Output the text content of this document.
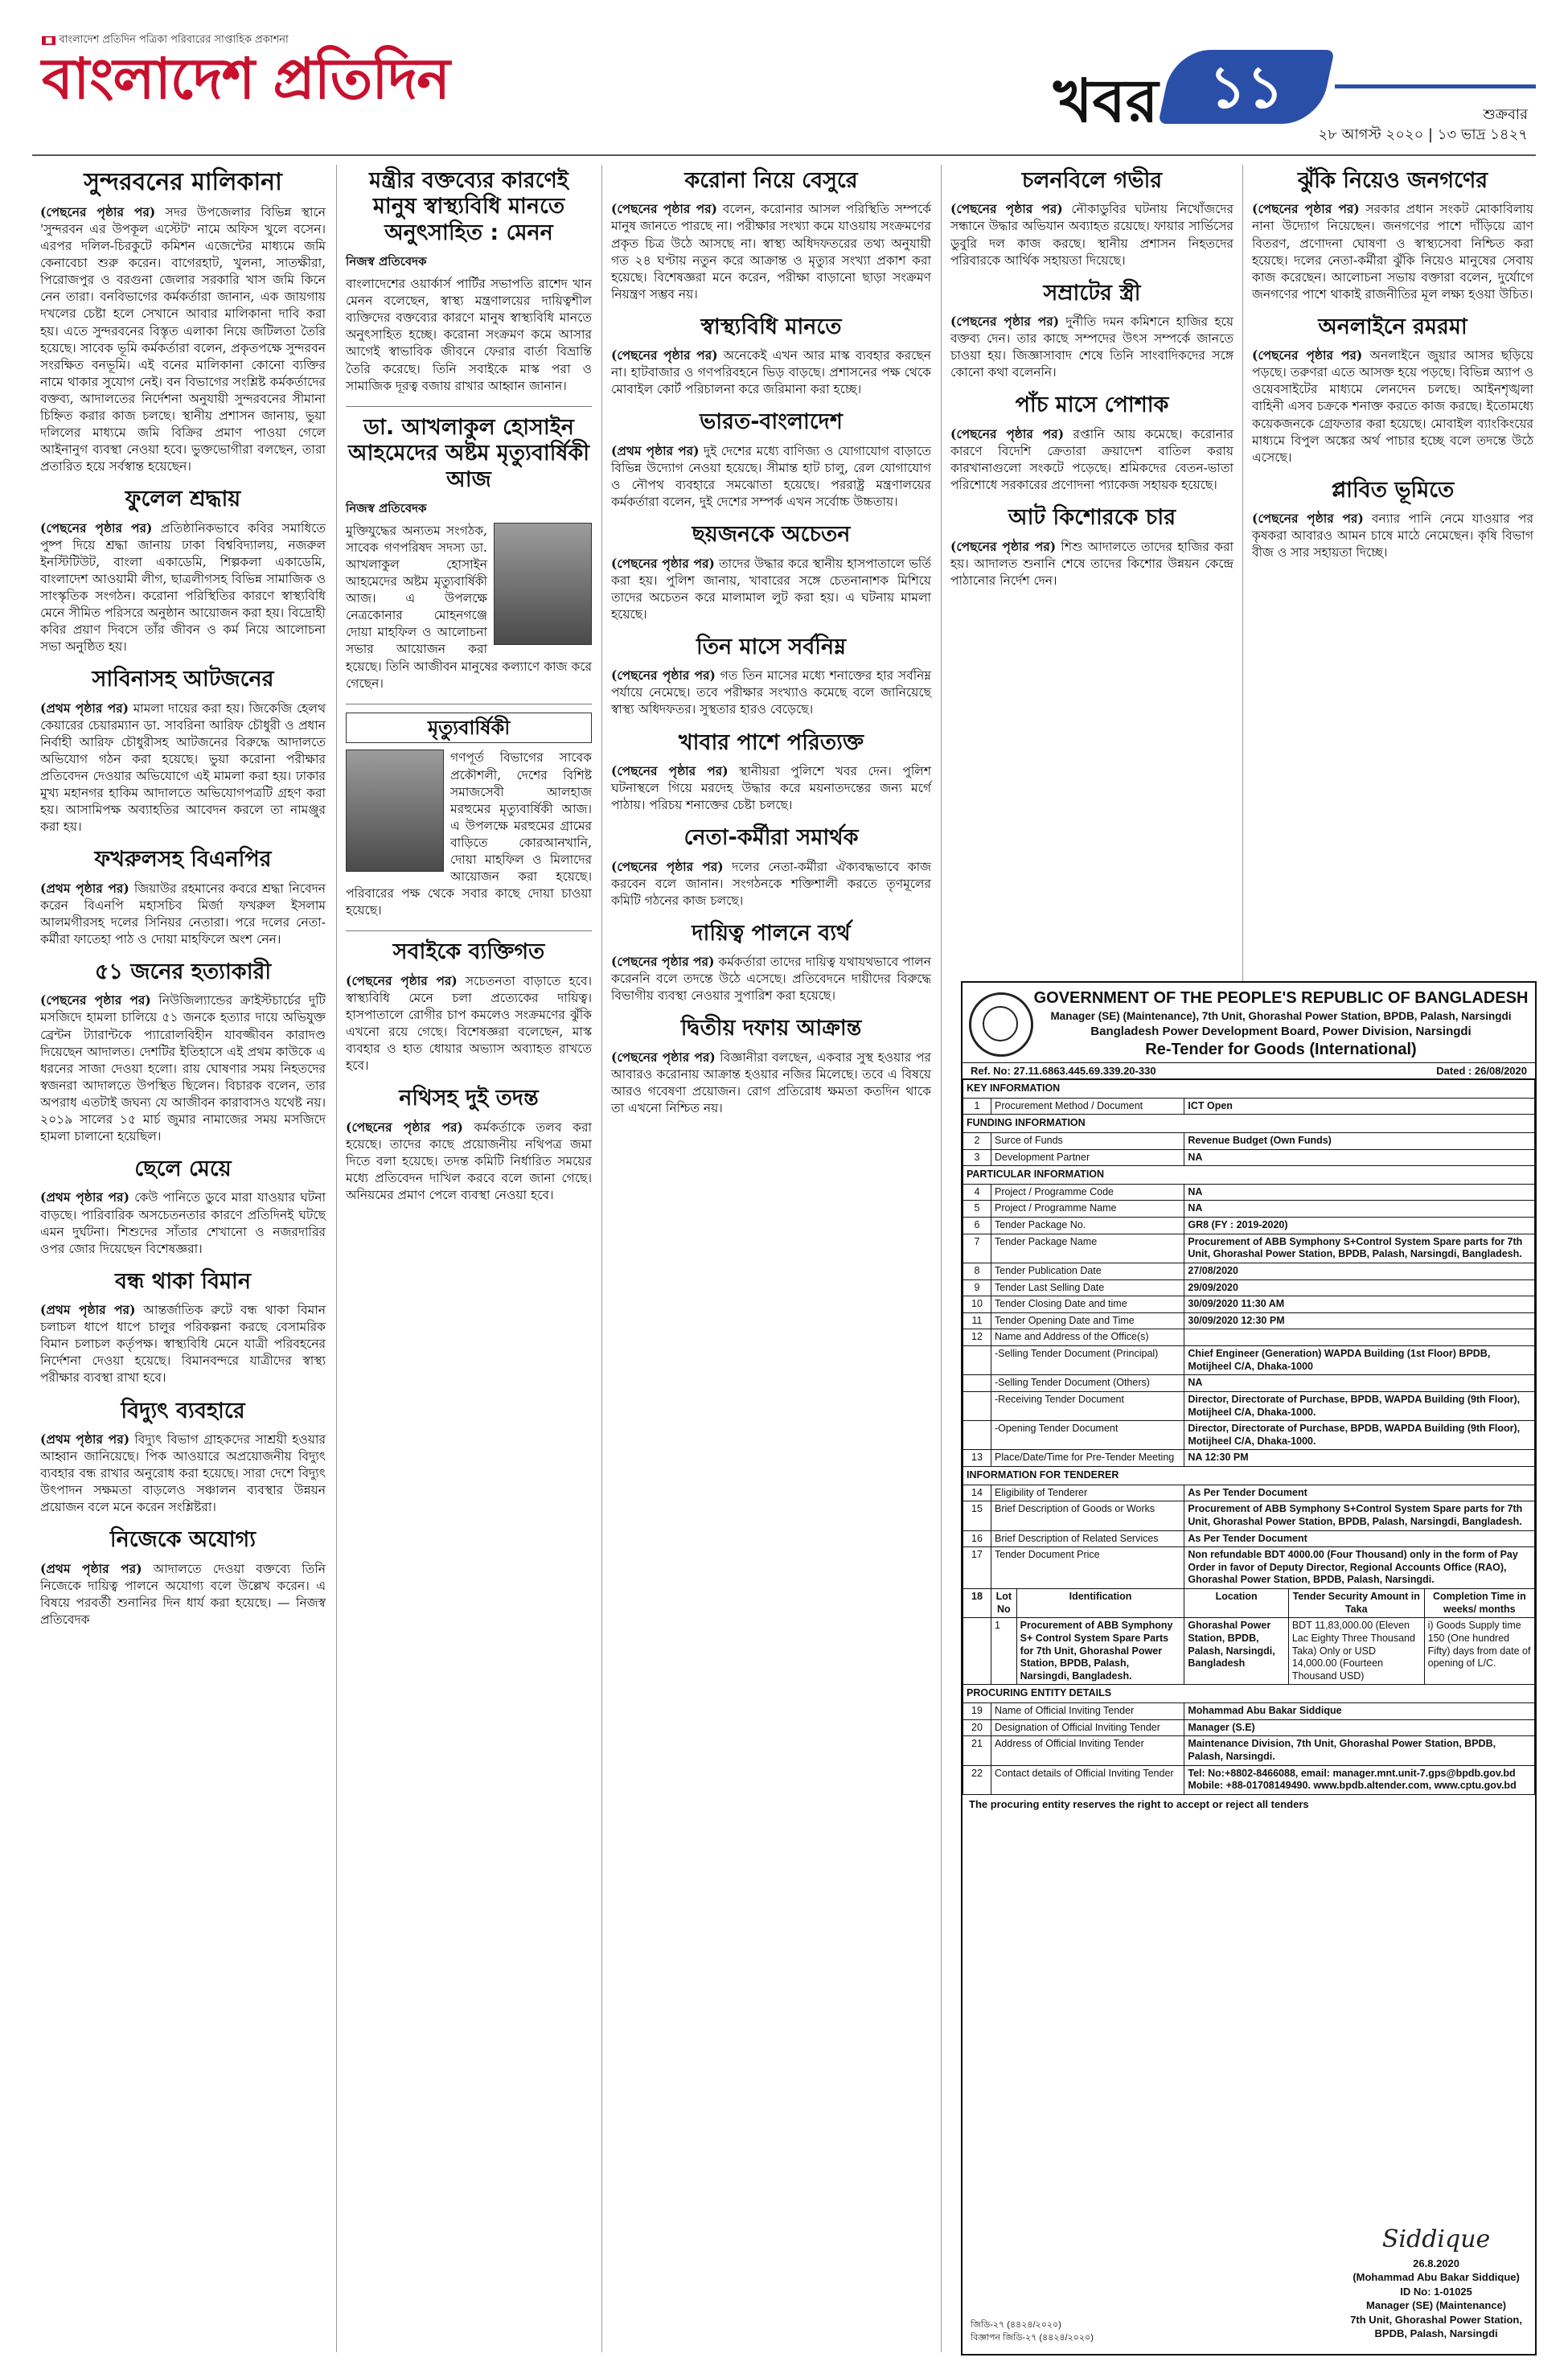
■ বাংলাদেশ প্রতিদিন পত্রিকা পরিবারের সাপ্তাহিক প্রকাশনা
বাংলাদেশ প্রতিদিন	খবর ১১	শুক্রবার
২৮ আগস্ট ২০২০ | ১৩ ভাদ্র ১৪২৭
সুন্দরবনের মালিকানা

(পেছনের পৃষ্ঠার পর) সদর উপজেলার বিভিন্ন স্থানে 'সুন্দরবন এর উপকূল এস্টেট' নামে অফিস খুলে বসেন। এরপর দলিল-চিরকুটে কমিশন এজেন্টের মাধ্যমে জমি কেনাবেচা শুরু করেন। বাগেরহাট, খুলনা, সাতক্ষীরা, পিরোজপুর ও বরগুনা জেলার সরকারি খাস জমি কিনে নেন তারা। বনবিভাগের কর্মকর্তারা জানান, এক জায়গায় দখলের চেষ্টা হলে সেখানে আবার মালিকানা দাবি করা হয়। এতে সুন্দরবনের বিস্তৃত এলাকা নিয়ে জটিলতা তৈরি হয়েছে। সাবেক ভূমি কর্মকর্তারা বলেন, প্রকৃতপক্ষে সুন্দরবন সংরক্ষিত বনভূমি। এই বনের মালিকানা কোনো ব্যক্তির নামে থাকার সুযোগ নেই। বন বিভাগের সংশ্লিষ্ট কর্মকর্তাদের বক্তব্য, আদালতের নির্দেশনা অনুযায়ী সুন্দরবনের সীমানা চিহ্নিত করার কাজ চলছে। স্থানীয় প্রশাসন জানায়, ভুয়া দলিলের মাধ্যমে জমি বিক্রির প্রমাণ পাওয়া গেলে আইনানুগ ব্যবস্থা নেওয়া হবে। ভুক্তভোগীরা বলছেন, তারা প্রতারিত হয়ে সর্বস্বান্ত হয়েছেন।

ফুলেল শ্রদ্ধায়

(পেছনের পৃষ্ঠার পর) প্রতিষ্ঠানিকভাবে কবির সমাধিতে পুষ্প দিয়ে শ্রদ্ধা জানায় ঢাকা বিশ্ববিদ্যালয়, নজরুল ইনস্টিটিউট, বাংলা একাডেমি, শিল্পকলা একাডেমি, বাংলাদেশ আওয়ামী লীগ, ছাত্রলীগসহ বিভিন্ন সামাজিক ও সাংস্কৃতিক সংগঠন। করোনা পরিস্থিতির কারণে স্বাস্থ্যবিধি মেনে সীমিত পরিসরে অনুষ্ঠান আয়োজন করা হয়। বিদ্রোহী কবির প্রয়াণ দিবসে তাঁর জীবন ও কর্ম নিয়ে আলোচনা সভা অনুষ্ঠিত হয়।

সাবিনাসহ আটজনের

(প্রথম পৃষ্ঠার পর) মামলা দায়ের করা হয়। জিকেজি হেলথ কেয়ারের চেয়ারম্যান ডা. সাবরিনা আরিফ চৌধুরী ও প্রধান নির্বাহী আরিফ চৌধুরীসহ আটজনের বিরুদ্ধে আদালতে অভিযোগ গঠন করা হয়েছে। ভুয়া করোনা পরীক্ষার প্রতিবেদন দেওয়ার অভিযোগে এই মামলা করা হয়। ঢাকার মুখ্য মহানগর হাকিম আদালতে অভিযোগপত্রটি গ্রহণ করা হয়। আসামিপক্ষ অব্যাহতির আবেদন করলে তা নামঞ্জুর করা হয়।

ফখরুলসহ বিএনপির

(প্রথম পৃষ্ঠার পর) জিয়াউর রহমানের কবরে শ্রদ্ধা নিবেদন করেন বিএনপি মহাসচিব মির্জা ফখরুল ইসলাম আলমগীরসহ দলের সিনিয়র নেতারা। পরে দলের নেতা-কর্মীরা ফাতেহা পাঠ ও দোয়া মাহফিলে অংশ নেন।

৫১ জনের হত্যাকারী

(পেছনের পৃষ্ঠার পর) নিউজিল্যান্ডের ক্রাইস্টচার্চের দুটি মসজিদে হামলা চালিয়ে ৫১ জনকে হত্যার দায়ে অভিযুক্ত ব্রেন্টন ট্যারান্টকে প্যারোলবিহীন যাবজ্জীবন কারাদণ্ড দিয়েছেন আদালত। দেশটির ইতিহাসে এই প্রথম কাউকে এ ধরনের সাজা দেওয়া হলো। রায় ঘোষণার সময় নিহতদের স্বজনরা আদালতে উপস্থিত ছিলেন। বিচারক বলেন, তার অপরাধ এতটাই জঘন্য যে আজীবন কারাবাসও যথেষ্ট নয়। ২০১৯ সালের ১৫ মার্চ জুমার নামাজের সময় মসজিদে হামলা চালানো হয়েছিল।

ছেলে মেয়ে

(প্রথম পৃষ্ঠার পর) কেউ পানিতে ডুবে মারা যাওয়ার ঘটনা বাড়ছে। পারিবারিক অসচেতনতার কারণে প্রতিদিনই ঘটছে এমন দুর্ঘটনা। শিশুদের সাঁতার শেখানো ও নজরদারির ওপর জোর দিয়েছেন বিশেষজ্ঞরা।

বন্ধ থাকা বিমান

(প্রথম পৃষ্ঠার পর) আন্তর্জাতিক রুটে বন্ধ থাকা বিমান চলাচল ধাপে ধাপে চালুর পরিকল্পনা করছে বেসামরিক বিমান চলাচল কর্তৃপক্ষ। স্বাস্থ্যবিধি মেনে যাত্রী পরিবহনের নির্দেশনা দেওয়া হয়েছে। বিমানবন্দরে যাত্রীদের স্বাস্থ্য পরীক্ষার ব্যবস্থা রাখা হবে।

বিদ্যুৎ ব্যবহারে

(প্রথম পৃষ্ঠার পর) বিদ্যুৎ বিভাগ গ্রাহকদের সাশ্রয়ী হওয়ার আহ্বান জানিয়েছে। পিক আওয়ারে অপ্রয়োজনীয় বিদ্যুৎ ব্যবহার বন্ধ রাখার অনুরোধ করা হয়েছে। সারা দেশে বিদ্যুৎ উৎপাদন সক্ষমতা বাড়লেও সঞ্চালন ব্যবস্থার উন্নয়ন প্রয়োজন বলে মনে করেন সংশ্লিষ্টরা।

নিজেকে অযোগ্য

(প্রথম পৃষ্ঠার পর) আদালতে দেওয়া বক্তব্যে তিনি নিজেকে দায়িত্ব পালনে অযোগ্য বলে উল্লেখ করেন। এ বিষয়ে পরবর্তী শুনানির দিন ধার্য করা হয়েছে। — নিজস্ব প্রতিবেদক

মন্ত্রীর বক্তব্যের কারণেই মানুষ স্বাস্থ্যবিধি মানতে অনুৎসাহিত : মেনন
নিজস্ব প্রতিবেদক

বাংলাদেশের ওয়ার্কার্স পার্টির সভাপতি রাশেদ খান মেনন বলেছেন, স্বাস্থ্য মন্ত্রণালয়ের দায়িত্বশীল ব্যক্তিদের বক্তব্যের কারণে মানুষ স্বাস্থ্যবিধি মানতে অনুৎসাহিত হচ্ছে। করোনা সংক্রমণ কমে আসার আগেই স্বাভাবিক জীবনে ফেরার বার্তা বিভ্রান্তি তৈরি করেছে। তিনি সবাইকে মাস্ক পরা ও সামাজিক দূরত্ব বজায় রাখার আহ্বান জানান।

ডা. আখলাকুল হোসাইন আহমেদের অষ্টম মৃত্যুবার্ষিকী আজ
নিজস্ব প্রতিবেদক

মুক্তিযুদ্ধের অন্যতম সংগঠক, সাবেক গণপরিষদ সদস্য ডা. আখলাকুল হোসাইন আহমেদের অষ্টম মৃত্যুবার্ষিকী আজ। এ উপলক্ষে নেত্রকোনার মোহনগঞ্জে দোয়া মাহফিল ও আলোচনা সভার আয়োজন করা হয়েছে। তিনি আজীবন মানুষের কল্যাণে কাজ করে গেছেন।

মৃত্যুবার্ষিকী

গণপূর্ত বিভাগের সাবেক প্রকৌশলী, দেশের বিশিষ্ট সমাজসেবী আলহাজ মরহুমের মৃত্যুবার্ষিকী আজ। এ উপলক্ষে মরহুমের গ্রামের বাড়িতে কোরআনখানি, দোয়া মাহফিল ও মিলাদের আয়োজন করা হয়েছে। পরিবারের পক্ষ থেকে সবার কাছে দোয়া চাওয়া হয়েছে।

সবাইকে ব্যক্তিগত

(পেছনের পৃষ্ঠার পর) সচেতনতা বাড়াতে হবে। স্বাস্থ্যবিধি মেনে চলা প্রত্যেকের দায়িত্ব। হাসপাতালে রোগীর চাপ কমলেও সংক্রমণের ঝুঁকি এখনো রয়ে গেছে। বিশেষজ্ঞরা বলেছেন, মাস্ক ব্যবহার ও হাত ধোয়ার অভ্যাস অব্যাহত রাখতে হবে।

নথিসহ দুই তদন্ত

(পেছনের পৃষ্ঠার পর) কর্মকর্তাকে তলব করা হয়েছে। তাদের কাছে প্রয়োজনীয় নথিপত্র জমা দিতে বলা হয়েছে। তদন্ত কমিটি নির্ধারিত সময়ের মধ্যে প্রতিবেদন দাখিল করবে বলে জানা গেছে। অনিয়মের প্রমাণ পেলে ব্যবস্থা নেওয়া হবে।

করোনা নিয়ে বেসুরে

(পেছনের পৃষ্ঠার পর) বলেন, করোনার আসল পরিস্থিতি সম্পর্কে মানুষ জানতে পারছে না। পরীক্ষার সংখ্যা কমে যাওয়ায় সংক্রমণের প্রকৃত চিত্র উঠে আসছে না। স্বাস্থ্য অধিদফতরের তথ্য অনুযায়ী গত ২৪ ঘণ্টায় নতুন করে আক্রান্ত ও মৃত্যুর সংখ্যা প্রকাশ করা হয়েছে। বিশেষজ্ঞরা মনে করেন, পরীক্ষা বাড়ানো ছাড়া সংক্রমণ নিয়ন্ত্রণ সম্ভব নয়।

স্বাস্থ্যবিধি মানতে

(পেছনের পৃষ্ঠার পর) অনেকেই এখন আর মাস্ক ব্যবহার করছেন না। হাটবাজার ও গণপরিবহনে ভিড় বাড়ছে। প্রশাসনের পক্ষ থেকে মোবাইল কোর্ট পরিচালনা করে জরিমানা করা হচ্ছে।

ভারত-বাংলাদেশ

(প্রথম পৃষ্ঠার পর) দুই দেশের মধ্যে বাণিজ্য ও যোগাযোগ বাড়াতে বিভিন্ন উদ্যোগ নেওয়া হয়েছে। সীমান্ত হাট চালু, রেল যোগাযোগ ও নৌপথ ব্যবহারে সমঝোতা হয়েছে। পররাষ্ট্র মন্ত্রণালয়ের কর্মকর্তারা বলেন, দুই দেশের সম্পর্ক এখন সর্বোচ্চ উচ্চতায়।

ছয়জনকে অচেতন

(পেছনের পৃষ্ঠার পর) তাদের উদ্ধার করে স্থানীয় হাসপাতালে ভর্তি করা হয়। পুলিশ জানায়, খাবারের সঙ্গে চেতনানাশক মিশিয়ে তাদের অচেতন করে মালামাল লুট করা হয়। এ ঘটনায় মামলা হয়েছে।

তিন মাসে সর্বনিম্ন

(পেছনের পৃষ্ঠার পর) গত তিন মাসের মধ্যে শনাক্তের হার সর্বনিম্ন পর্যায়ে নেমেছে। তবে পরীক্ষার সংখ্যাও কমেছে বলে জানিয়েছে স্বাস্থ্য অধিদফতর। সুস্থতার হারও বেড়েছে।

খাবার পাশে পরিত্যক্ত

(পেছনের পৃষ্ঠার পর) স্থানীয়রা পুলিশে খবর দেন। পুলিশ ঘটনাস্থলে গিয়ে মরদেহ উদ্ধার করে ময়নাতদন্তের জন্য মর্গে পাঠায়। পরিচয় শনাক্তের চেষ্টা চলছে।

নেতা-কর্মীরা সমার্থক

(পেছনের পৃষ্ঠার পর) দলের নেতা-কর্মীরা ঐক্যবদ্ধভাবে কাজ করবেন বলে জানান। সংগঠনকে শক্তিশালী করতে তৃণমূলের কমিটি গঠনের কাজ চলছে।

দায়িত্ব পালনে ব্যর্থ

(পেছনের পৃষ্ঠার পর) কর্মকর্তারা তাদের দায়িত্ব যথাযথভাবে পালন করেননি বলে তদন্তে উঠে এসেছে। প্রতিবেদনে দায়ীদের বিরুদ্ধে বিভাগীয় ব্যবস্থা নেওয়ার সুপারিশ করা হয়েছে।

দ্বিতীয় দফায় আক্রান্ত

(পেছনের পৃষ্ঠার পর) বিজ্ঞানীরা বলছেন, একবার সুস্থ হওয়ার পর আবারও করোনায় আক্রান্ত হওয়ার নজির মিলেছে। তবে এ বিষয়ে আরও গবেষণা প্রয়োজন। রোগ প্রতিরোধ ক্ষমতা কতদিন থাকে তা এখনো নিশ্চিত নয়।

চলনবিলে গভীর

(পেছনের পৃষ্ঠার পর) নৌকাডুবির ঘটনায় নিখোঁজদের সন্ধানে উদ্ধার অভিযান অব্যাহত রয়েছে। ফায়ার সার্ভিসের ডুবুরি দল কাজ করছে। স্থানীয় প্রশাসন নিহতদের পরিবারকে আর্থিক সহায়তা দিয়েছে।

সম্রাটের স্ত্রী

(পেছনের পৃষ্ঠার পর) দুর্নীতি দমন কমিশনে হাজির হয়ে বক্তব্য দেন। তার কাছে সম্পদের উৎস সম্পর্কে জানতে চাওয়া হয়। জিজ্ঞাসাবাদ শেষে তিনি সাংবাদিকদের সঙ্গে কোনো কথা বলেননি।

পাঁচ মাসে পোশাক

(পেছনের পৃষ্ঠার পর) রপ্তানি আয় কমেছে। করোনার কারণে বিদেশি ক্রেতারা ক্রয়াদেশ বাতিল করায় কারখানাগুলো সংকটে পড়েছে। শ্রমিকদের বেতন-ভাতা পরিশোধে সরকারের প্রণোদনা প্যাকেজ সহায়ক হয়েছে।

আট কিশোরকে চার

(পেছনের পৃষ্ঠার পর) শিশু আদালতে তাদের হাজির করা হয়। আদালত শুনানি শেষে তাদের কিশোর উন্নয়ন কেন্দ্রে পাঠানোর নির্দেশ দেন।

ঝুঁকি নিয়েও জনগণের

(পেছনের পৃষ্ঠার পর) সরকার প্রধান সংকট মোকাবিলায় নানা উদ্যোগ নিয়েছেন। জনগণের পাশে দাঁড়িয়ে ত্রাণ বিতরণ, প্রণোদনা ঘোষণা ও স্বাস্থ্যসেবা নিশ্চিত করা হয়েছে। দলের নেতা-কর্মীরা ঝুঁকি নিয়েও মানুষের সেবায় কাজ করেছেন। আলোচনা সভায় বক্তারা বলেন, দুর্যোগে জনগণের পাশে থাকাই রাজনীতির মূল লক্ষ্য হওয়া উচিত।

অনলাইনে রমরমা

(পেছনের পৃষ্ঠার পর) অনলাইনে জুয়ার আসর ছড়িয়ে পড়ছে। তরুণরা এতে আসক্ত হয়ে পড়ছে। বিভিন্ন অ্যাপ ও ওয়েবসাইটের মাধ্যমে লেনদেন চলছে। আইনশৃঙ্খলা বাহিনী এসব চক্রকে শনাক্ত করতে কাজ করছে। ইতোমধ্যে কয়েকজনকে গ্রেফতার করা হয়েছে। মোবাইল ব্যাংকিংয়ের মাধ্যমে বিপুল অঙ্কের অর্থ পাচার হচ্ছে বলে তদন্তে উঠে এসেছে।

প্লাবিত ভূমিতে

(পেছনের পৃষ্ঠার পর) বন্যার পানি নেমে যাওয়ার পর কৃষকরা আবারও আমন চাষে মাঠে নেমেছেন। কৃষি বিভাগ বীজ ও সার সহায়তা দিচ্ছে।

GOVERNMENT OF THE PEOPLE'S REPUBLIC OF BANGLADESH
Manager (SE) (Maintenance), 7th Unit, Ghorashal Power Station, BPDB, Palash, Narsingdi
Bangladesh Power Development Board, Power Division, Narsingdi
Re-Tender for Goods (International)
Ref. No: 27.11.6863.445.69.339.20-330	Dated : 26/08/2020
KEY INFORMATION					
1	Procurement Method / Document		ICT Open		
FUNDING INFORMATION					
2	Surce of Funds		Revenue Budget (Own Funds)		
3	Development Partner		NA		
PARTICULAR INFORMATION					
4	Project / Programme Code		NA		
5	Project / Programme Name		NA		
6	Tender Package No.		GR8 (FY : 2019-2020)		
7	Tender Package Name		Procurement of ABB Symphony S+Control System Spare parts for 7th Unit, Ghorashal Power Station, BPDB, Palash, Narsingdi, Bangladesh.		
8	Tender Publication Date		27/08/2020		
9	Tender Last Selling Date		29/09/2020		
10	Tender Closing Date and time		30/09/2020 11:30 AM		
11	Tender Opening Date and Time		30/09/2020 12:30 PM		
12	Name and Address of the Office(s)				
	-Selling Tender Document (Principal)		Chief Engineer (Generation) WAPDA Building (1st Floor) BPDB, Motijheel C/A, Dhaka-1000		
	-Selling Tender Document (Others)		NA		
	-Receiving Tender Document		Director, Directorate of Purchase, BPDB, WAPDA Building (9th Floor), Motijheel C/A, Dhaka-1000.		
	-Opening Tender Document		Director, Directorate of Purchase, BPDB, WAPDA Building (9th Floor), Motijheel C/A, Dhaka-1000.		
13	Place/Date/Time for Pre-Tender Meeting		NA 12:30 PM		
INFORMATION FOR TENDERER					
14	Eligibility of Tenderer		As Per Tender Document		
15	Brief Description of Goods or Works		Procurement of ABB Symphony S+Control System Spare parts for 7th Unit, Ghorashal Power Station, BPDB, Palash, Narsingdi, Bangladesh.		
16	Brief Description of Related Services		As Per Tender Document		
17	Tender Document Price		Non refundable BDT 4000.00 (Four Thousand) only in the form of Pay Order in favor of Deputy Director, Regional Accounts Office (RAO), Ghorashal Power Station, BPDB, Palash, Narsingdi.		
18	Lot No	Identification	Location	Tender Security Amount in Taka	Completion Time in weeks/ months
	1	Procurement of ABB Symphony S+ Control System Spare Parts for 7th Unit, Ghorashal Power Station, BPDB, Palash, Narsingdi, Bangladesh.	Ghorashal Power Station, BPDB, Palash, Narsingdi, Bangladesh	BDT 11,83,000.00 (Eleven Lac Eighty Three Thousand Taka) Only or USD 14,000.00 (Fourteen Thousand USD)	i) Goods Supply time 150 (One hundred Fifty) days from date of opening of L/C.
PROCURING ENTITY DETAILS					
19	Name of Official Inviting Tender		Mohammad Abu Bakar Siddique		
20	Designation of Official Inviting Tender		Manager (S.E)		
21	Address of Official Inviting Tender		Maintenance Division, 7th Unit, Ghorashal Power Station, BPDB, Palash, Narsingdi.		
22	Contact details of Official Inviting Tender		Tel: No:+8802-8466088, email: manager.mnt.unit-7.gps@bpdb.gov.bd Mobile: +88-01708149490. www.bpdb.altender.com, www.cptu.gov.bd		
The procuring entity reserves the right to accept or reject all tenders
Siddique
26.8.2020
(Mohammad Abu Bakar Siddique)
ID No: 1-01025
Manager (SE) (Maintenance)
7th Unit, Ghorashal Power Station,
BPDB, Palash, Narsingdi
জিডি-২৭ (৪৪২৪/২০২০)
বিজ্ঞাপন জিডি-২৭ (৪৪২৪/২০২০)
